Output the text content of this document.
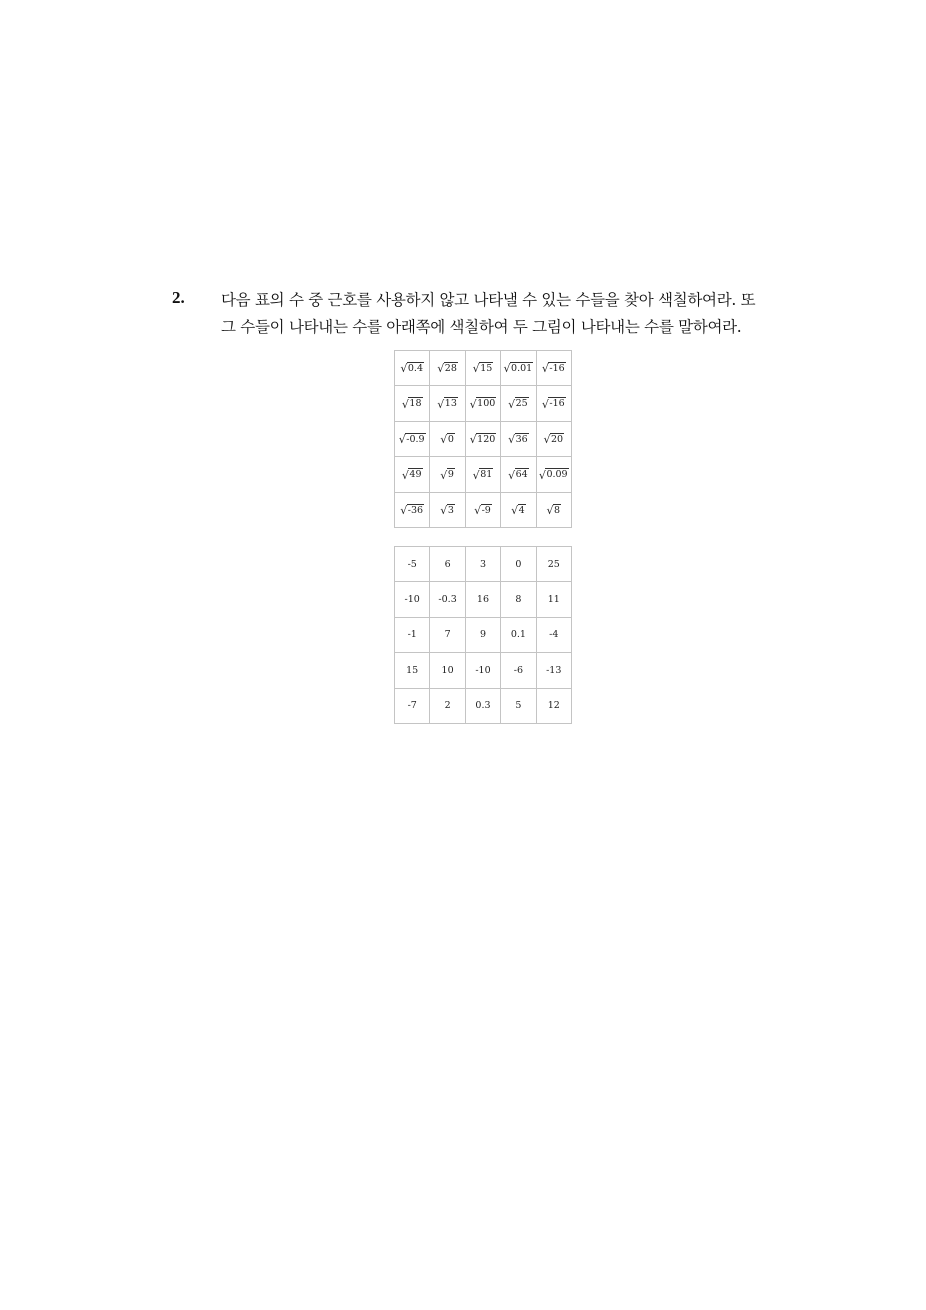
2. 다음 표의 수 중 근호를 사용하지 않고 나타낼 수 있는 수들을 찾아 색칠하여라. 또
그 수들이 나타내는 수를 아래쪽에 색칠하여 두 그림이 나타내는 수를 말하여라.
√ 0.4	√ 28	√ 15	√ 0.01	√ -16

√ 18	√ 13	√ 100	√ 25	√ -16

√ -0.9	√ 0	√ 120	√ 36	√ 20

√ 49	√ 9	√ 81	√ 64	√ 0.09

√ -36	√ 3	√ -9	√ 4	√ 8
-5	6	3	0	25
-10	-0.3	16	8	11
-1	7	9	0.1	-4
15	10	-10	-6	-13
-7	2	0.3	5	12
